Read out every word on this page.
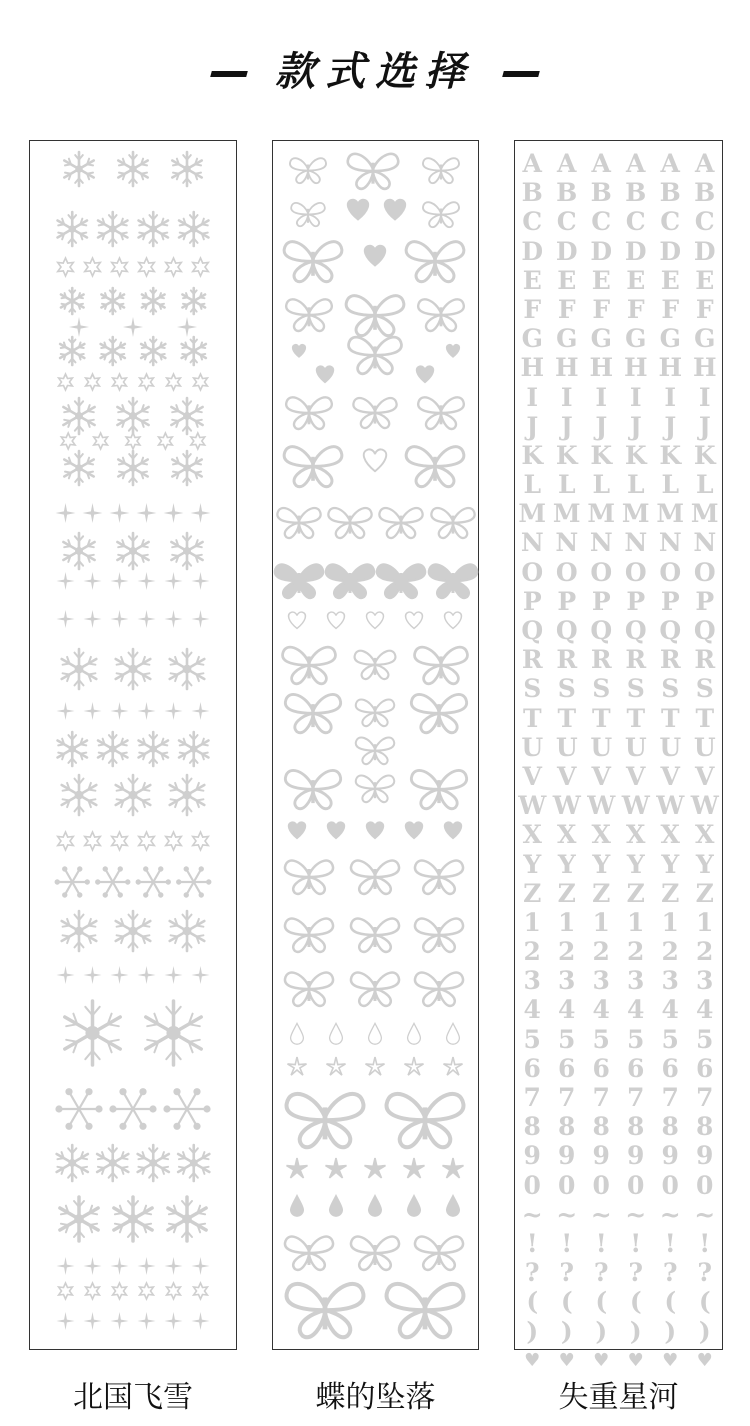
款式选择
A A A A A A
B B B B B B
C C C C C C
D D D D D D
E E E E E E
F F F F F F
G G G G G G
H H H H H H
I I I I I I
J J J J J J
K K K K K K
L L L L L L
M M M M M M
N N N N N N
O O O O O O
P P P P P P
Q Q Q Q Q Q
R R R R R R
S S S S S S
T T T T T T
U U U U U U
V V V V V V
W W W W W W
X X X X X X
Y Y Y Y Y Y
Z Z Z Z Z Z
1 1 1 1 1 1
2 2 2 2 2 2
3 3 3 3 3 3
4 4 4 4 4 4
5 5 5 5 5 5
6 6 6 6 6 6
7 7 7 7 7 7
8 8 8 8 8 8
9 9 9 9 9 9
0 0 0 0 0 0
~ ~ ~ ~ ~ ~
! ! ! ! ! !
? ? ? ? ? ?
( ( ( ( ( (
) ) ) ) ) )
♥	♥	♥	♥	♥	♥
北国飞雪	蝶的坠落	失重星河
